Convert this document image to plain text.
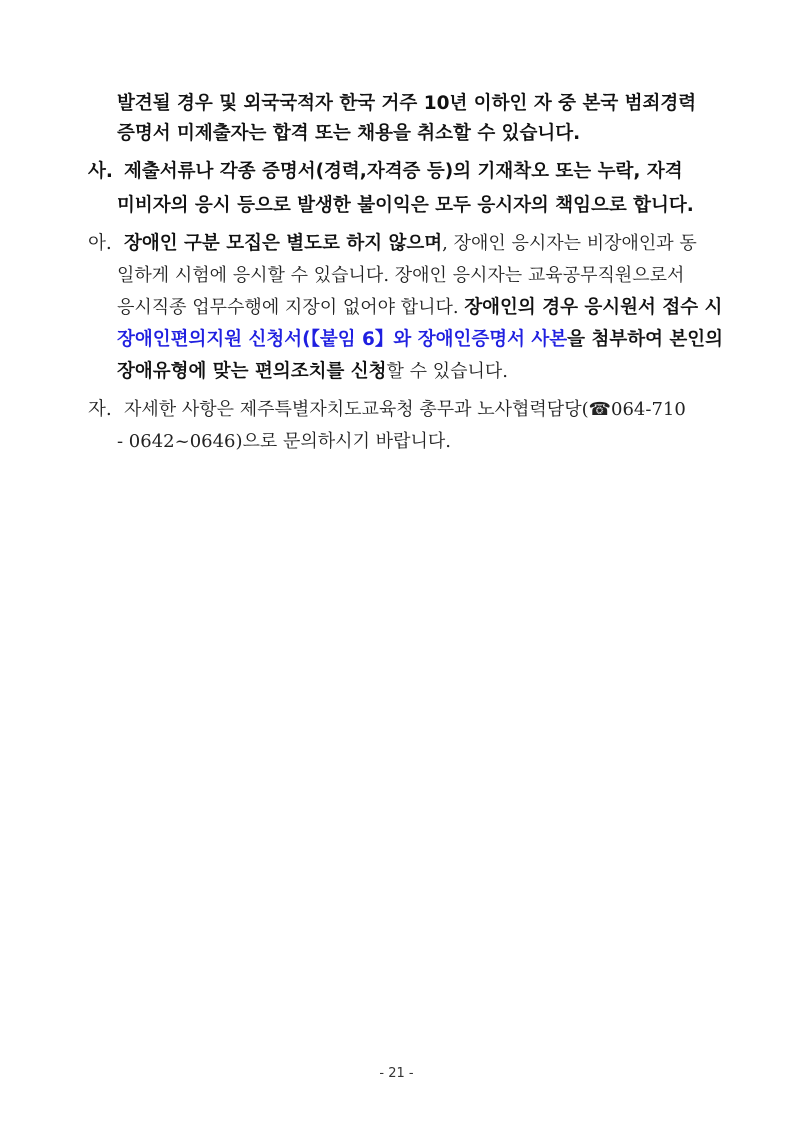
발견될 경우 및 외국국적자 한국 거주 10년 이하인 자 중 본국 범죄경력
증명서 미제출자는 합격 또는 채용을 취소할 수 있습니다.
사. 제출서류나 각종 증명서(경력,자격증 등)의 기재착오 또는 누락, 자격
미비자의 응시 등으로 발생한 불이익은 모두 응시자의 책임으로 합니다.
아. 장애인 구분 모집은 별도로 하지 않으며, 장애인 응시자는 비장애인과 동
일하게 시험에 응시할 수 있습니다. 장애인 응시자는 교육공무직원으로서
응시직종 업무수행에 지장이 없어야 합니다. 장애인의 경우 응시원서 접수 시
장애인편의지원 신청서(【붙임 6】와 장애인증명서 사본을 첨부하여 본인의
장애유형에 맞는 편의조치를 신청할 수 있습니다.
자. 자세한 사항은 제주특별자치도교육청 총무과 노사협력담당(☎064-710
- 0642~0646)으로 문의하시기 바랍니다.
- 21 -
